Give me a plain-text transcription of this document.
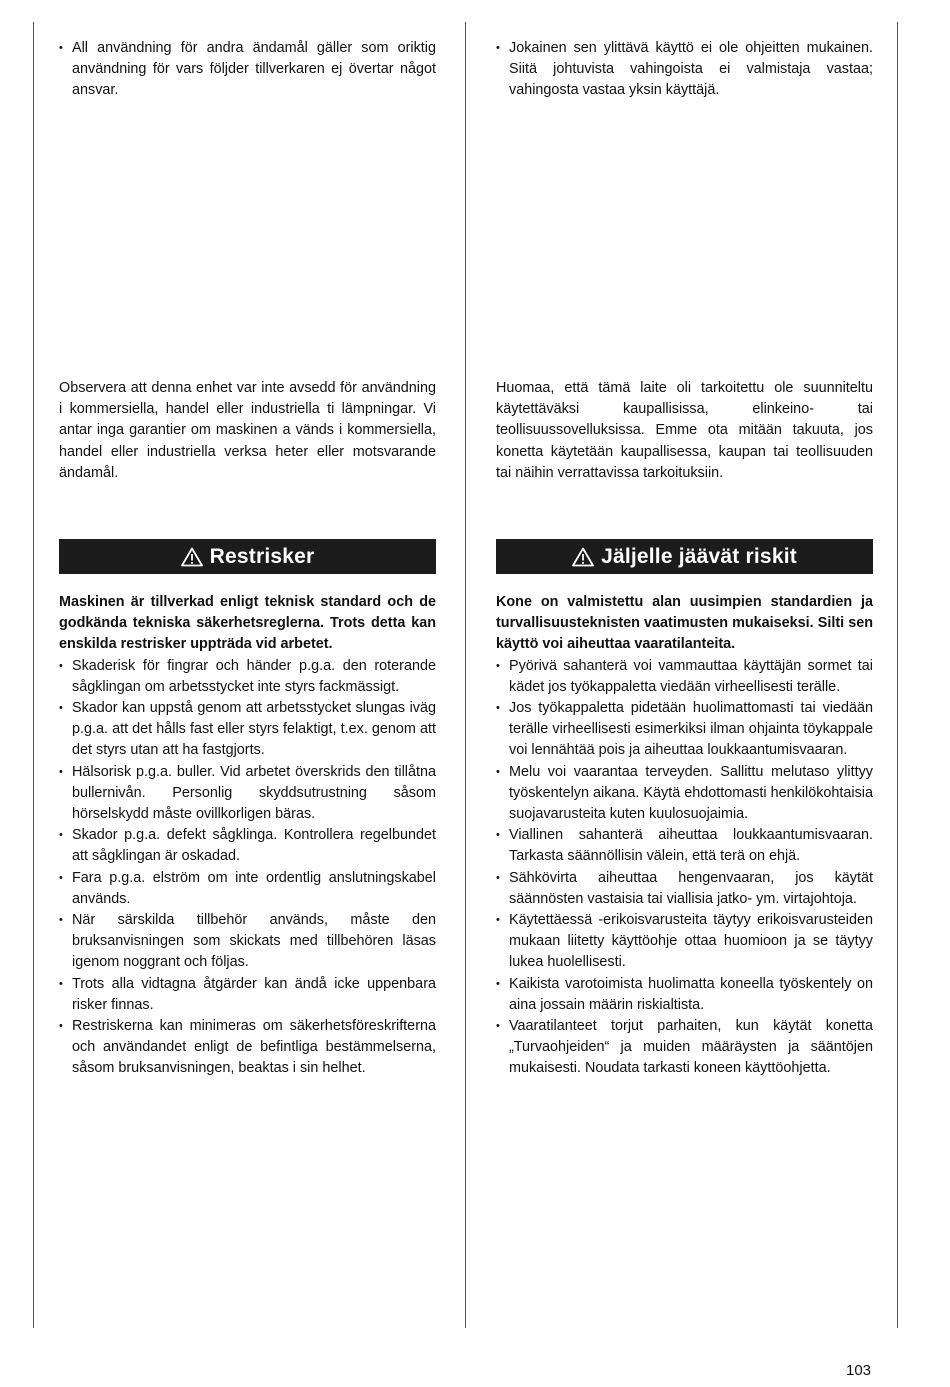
• All användning för andra ändamål gäller som oriktig användning för vars följder tillverkaren ej övertar något ansvar.

Observera att denna enhet var inte avsedd för användning i kommersiella, handel eller industriella ti lämpningar. Vi antar inga garantier om maskinen a vänds i kommersiella, handel eller industriella verksa heter eller motsvarande ändamål.

Restrisker

Maskinen är tillverkad enligt teknisk standard och de godkända tekniska säkerhetsreglerna. Trots detta kan enskilda restrisker uppträda vid arbetet.

• Skaderisk för fingrar och händer p.g.a. den roterande sågklingan om arbetsstycket inte styrs fackmässigt.
• Skador kan uppstå genom att arbetsstycket slungas iväg p.g.a. att det hålls fast eller styrs felaktigt, t.ex. genom att det styrs utan att ha fastgjorts.
• Hälsorisk p.g.a. buller. Vid arbetet överskrids den tillåtna bullernivån. Personlig skyddsutrustning såsom hörselskydd måste ovillkorligen bäras.
• Skador p.g.a. defekt sågklinga. Kontrollera regelbundet att sågklingan är oskadad.
• Fara p.g.a. elström om inte ordentlig anslutningskabel används.
• När särskilda tillbehör används, måste den bruksanvisningen som skickats med tillbehören läsas igenom noggrant och följas.
• Trots alla vidtagna åtgärder kan ändå icke uppenbara risker finnas.
• Restriskerna kan minimeras om säkerhetsföreskrifterna och användandet enligt de befintliga bestämmelserna, såsom bruksanvisningen, beaktas i sin helhet.
• Jokainen sen ylittävä käyttö ei ole ohjeitten mukainen. Siitä johtuvista vahingoista ei valmistaja vastaa; vahingosta vastaa yksin käyttäjä.

Huomaa, että tämä laite oli tarkoitettu ole suunniteltu käytettäväksi kaupallisissa, elinkeino- tai teollisuussovelluksissa. Emme ota mitään takuuta, jos konetta käytetään kaupallisessa, kaupan tai teollisuuden tai näihin verrattavissa tarkoituksiin.

Jäljelle jäävät riskit

Kone on valmistettu alan uusimpien standardien ja turvallisuusteknisten vaatimusten mukaiseksi. Silti sen käyttö voi aiheuttaa vaaratilanteita.

• Pyörivä sahanterä voi vammauttaa käyttäjän sormet tai kädet jos työkappaletta viedään virheellisesti terälle.
• Jos työkappaletta pidetään huolimattomasti tai viedään terälle virheellisesti esimerkiksi ilman ohjainta töykappale voi lennähtää pois ja aiheuttaa loukkaantumisvaaran.
• Melu voi vaarantaa terveyden. Sallittu melutaso ylittyy työskentelyn aikana. Käytä ehdottomasti henkilökohtaisia suojavarusteita kuten kuulosuojaimia.
• Viallinen sahanterä aiheuttaa loukkaantumisvaaran. Tarkasta säännöllisin välein, että terä on ehjä.
• Sähkövirta aiheuttaa hengenvaaran, jos käytät säännösten vastaisia tai viallisia jatko- ym. virtajohtoja.
• Käytettäessä -erikoisvarusteita täytyy erikoisvarusteiden mukaan liitetty käyttöohje ottaa huomioon ja se täytyy lukea huolellisesti.
• Kaikista varotoimista huolimatta koneella työskentely on aina jossain määrin riskialtista.
• Vaaratilanteet torjut parhaiten, kun käytät konetta „Turvaohjeiden“ ja muiden määräysten ja sääntöjen mukaisesti. Noudata tarkasti koneen käyttöohjetta.
103
